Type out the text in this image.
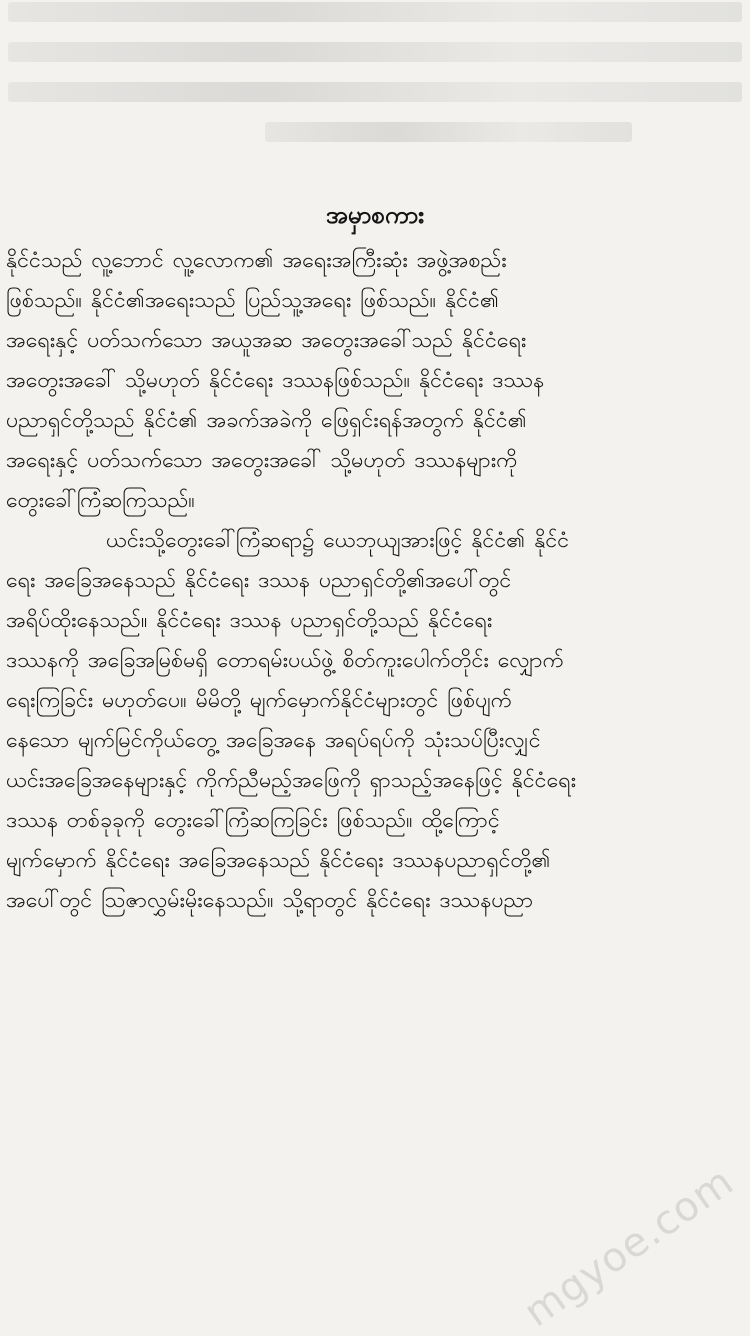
အမှာစကား

နိုင်ငံသည် လူ့ဘောင် လူ့လောက၏ အရေးအကြီးဆုံး အဖွဲ့အစည်း
ဖြစ်သည်။ နိုင်ငံ၏အရေးသည် ပြည်သူ့အရေး ဖြစ်သည်။ နိုင်ငံ၏
အရေးနှင့် ပတ်သက်သော အယူအဆ အတွေးအခေါ်သည် နိုင်ငံရေး
အတွေးအခေါ် သို့မဟုတ် နိုင်ငံရေး ဒဿနဖြစ်သည်။ နိုင်ငံရေး ဒဿန
ပညာရှင်တို့သည် နိုင်ငံ၏ အခက်အခဲကို ဖြေရှင်းရန်အတွက် နိုင်ငံ၏
အရေးနှင့် ပတ်သက်သော အတွေးအခေါ် သို့မဟုတ် ဒဿနများကို
တွေးခေါ်ကြံဆကြသည်။

ယင်းသို့တွေးခေါ်ကြံဆရာ၌ ယေဘုယျအားဖြင့် နိုင်ငံ၏ နိုင်ငံ
ရေး အခြေအနေသည် နိုင်ငံရေး ဒဿန ပညာရှင်တို့၏အပေါ်တွင်
အရိပ်ထိုးနေသည်။ နိုင်ငံရေး ဒဿန ပညာရှင်တို့သည် နိုင်ငံရေး
ဒဿနကို အခြေအမြစ်မရှိ တောရမ်းပယ်ဖွဲ့ စိတ်ကူးပေါက်တိုင်း လျှောက်
ရေးကြခြင်း မဟုတ်ပေ။ မိမိတို့ မျက်မှောက်နိုင်ငံများတွင် ဖြစ်ပျက်
နေသော မျက်မြင်ကိုယ်တွေ့ အခြေအနေ အရပ်ရပ်ကို သုံးသပ်ပြီးလျှင်
ယင်းအခြေအနေများနှင့် ကိုက်ညီမည့်အဖြေကို ရှာသည့်အနေဖြင့် နိုင်ငံရေး
ဒဿန တစ်ခုခုကို တွေးခေါ်ကြံဆကြခြင်း ဖြစ်သည်။ ထို့ကြောင့်
မျက်မှောက် နိုင်ငံရေး အခြေအနေသည် နိုင်ငံရေး ဒဿနပညာရှင်တို့၏
အပေါ်တွင် သြဇာလွှမ်းမိုးနေသည်။ သို့ရာတွင် နိုင်ငံရေး ဒဿနပညာ

mgyoe.com
